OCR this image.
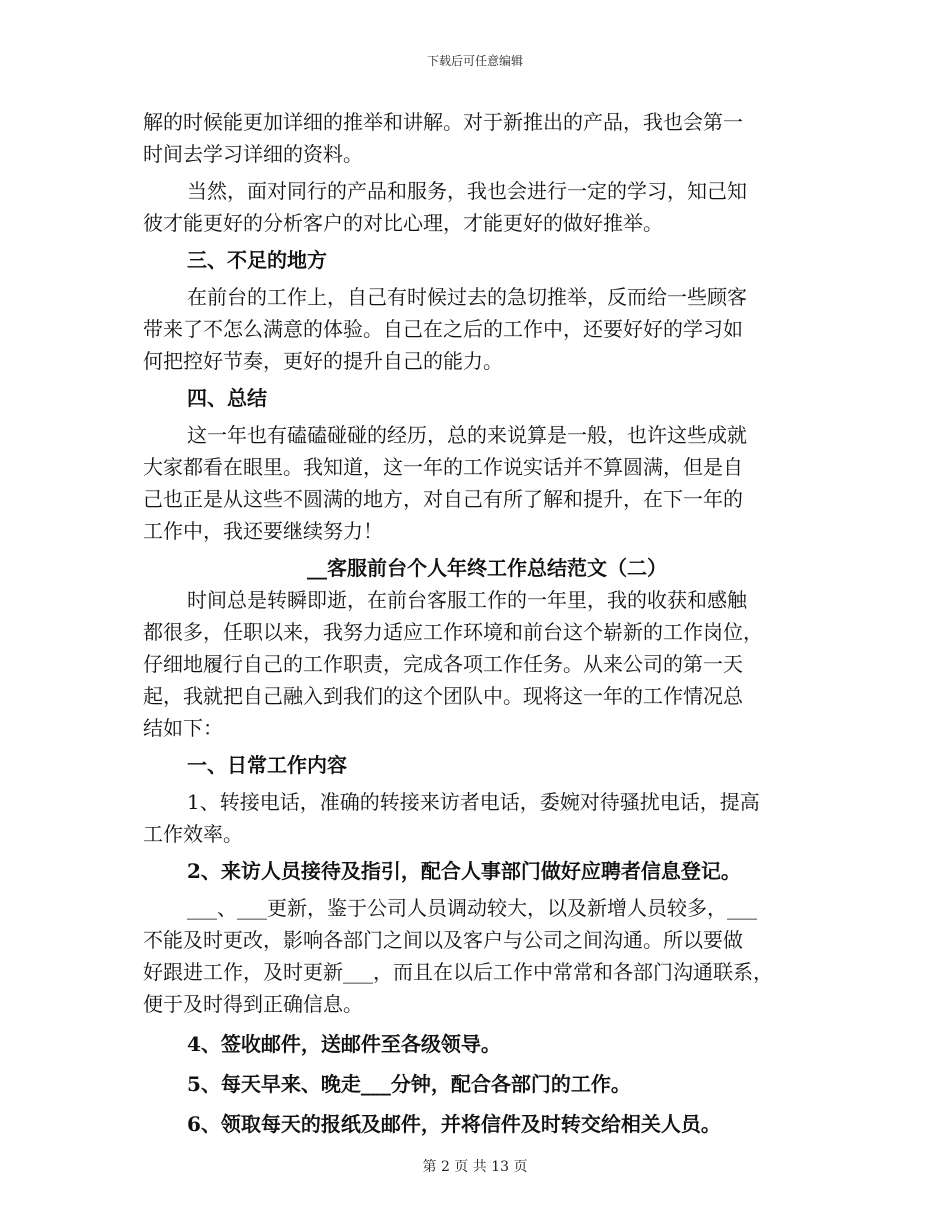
下载后可任意编辑
解的时候能更加详细的推举和讲解。对于新推出的产品，我也会第一
时间去学习详细的资料。
当然，面对同行的产品和服务，我也会进行一定的学习，知己知
彼才能更好的分析客户的对比心理，才能更好的做好推举。
三、不足的地方
在前台的工作上，自己有时候过去的急切推举，反而给一些顾客
带来了不怎么满意的体验。自己在之后的工作中，还要好好的学习如
何把控好节奏，更好的提升自己的能力。
四、总结
这一年也有磕磕碰碰的经历，总的来说算是一般，也许这些成就
大家都看在眼里。我知道，这一年的工作说实话并不算圆满，但是自
己也正是从这些不圆满的地方，对自己有所了解和提升，在下一年的
工作中，我还要继续努力！
__客服前台个人年终工作总结范文（二）
时间总是转瞬即逝，在前台客服工作的一年里，我的收获和感触
都很多，任职以来，我努力适应工作环境和前台这个崭新的工作岗位，
仔细地履行自己的工作职责，完成各项工作任务。从来公司的第一天
起，我就把自己融入到我们的这个团队中。现将这一年的工作情况总
结如下：
一、日常工作内容
1、转接电话，准确的转接来访者电话，委婉对待骚扰电话，提高
工作效率。
2、来访人员接待及指引，配合人事部门做好应聘者信息登记。
___、___更新，鉴于公司人员调动较大，以及新增人员较多，___
不能及时更改，影响各部门之间以及客户与公司之间沟通。所以要做
好跟进工作，及时更新___，而且在以后工作中常常和各部门沟通联系，
便于及时得到正确信息。
4、签收邮件，送邮件至各级领导。
5、每天早来、晚走___分钟，配合各部门的工作。
6、领取每天的报纸及邮件，并将信件及时转交给相关人员。
第 2 页 共 13 页
